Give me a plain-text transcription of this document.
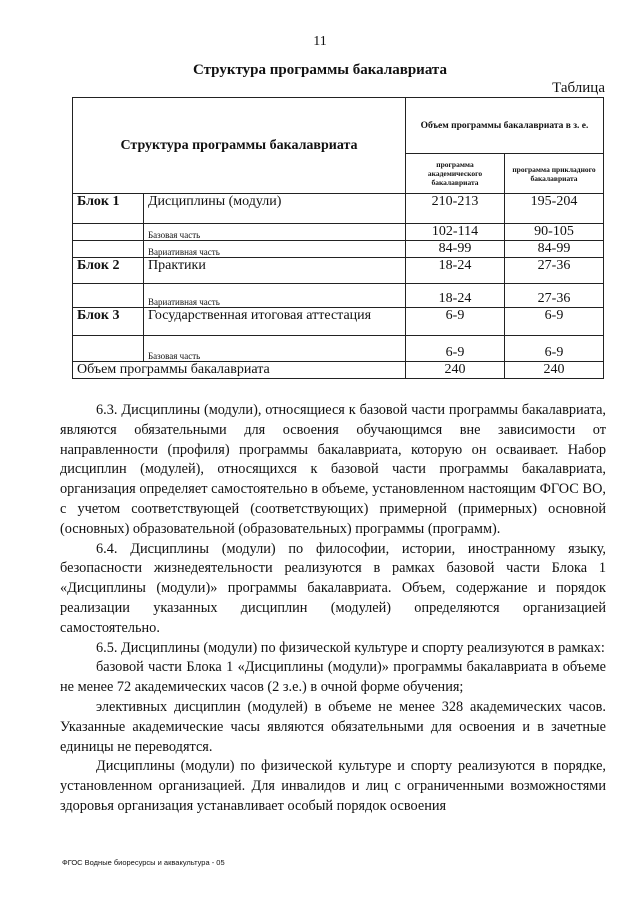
11
Структура программы бакалавриата
Таблица
Структура программы бакалавриата		Объем программы бакалавриата в з. е.	
		программа академического бакалавриата	программа прикладного бакалавриата
Блок 1	Дисциплины (модули)	210-213	195-204
	Базовая часть	102-114	90-105
	Вариативная часть	84-99	84-99
Блок 2	Практики	18-24	27-36
	Вариативная часть	18-24	27-36
Блок 3	Государственная итоговая аттестация	6-9	6-9
	Базовая часть	6-9	6-9
Объем программы бакалавриата		240	240

6.3. Дисциплины (модули), относящиеся к базовой части программы бакалавриата, являются обязательными для освоения обучающимся вне зависимости от направленности (профиля) программы бакалавриата, которую он осваивает. Набор дисциплин (модулей), относящихся к базовой части программы бакалавриата, организация определяет самостоятельно в объеме, установленном настоящим ФГОС ВО, с учетом соответствующей (соответствующих) примерной (примерных) основной (основных) образовательной (образовательных) программы (программ).

6.4. Дисциплины (модули) по философии, истории, иностранному языку, безопасности жизнедеятельности реализуются в рамках базовой части Блока 1 «Дисциплины (модули)» программы бакалавриата. Объем, содержание и порядок реализации указанных дисциплин (модулей) определяются организацией самостоятельно.

6.5. Дисциплины (модули) по физической культуре и спорту реализуются в рамках:

базовой части Блока 1 «Дисциплины (модули)» программы бакалавриата в объеме не менее 72 академических часов (2 з.е.) в очной форме обучения;

элективных дисциплин (модулей) в объеме не менее 328 академических часов. Указанные академические часы являются обязательными для освоения и в зачетные единицы не переводятся.

Дисциплины (модули) по физической культуре и спорту реализуются в порядке, установленном организацией. Для инвалидов и лиц с ограниченными возможностями здоровья организация устанавливает особый порядок освоения

ФГОС Водные биоресурсы и аквакультура - 05
